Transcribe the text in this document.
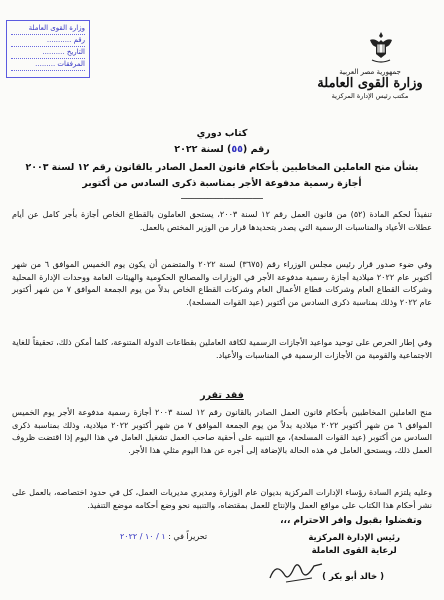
وزارة القوى العاملة
رقم ...........
التاريخ ..........
المرفقات .........
جمهورية مصر العربية
وزارة القوى العاملة
مكتب رئيس الإدارة المركزية
كتاب دوري
رقم (٥٥) لسنة ٢٠٢٢
بشأن منح العاملين المخاطبين بأحكام قانون العمل الصادر بالقانون رقم ١٢ لسنة ٢٠٠٣
أجازة رسمية مدفوعة الأجر بمناسبة ذكرى السادس من أكتوبر
ـــــــــــــــــــــــــــــــ
تنفيذاً لحكم المادة (٥٢) من قانون العمل رقم ١٢ لسنة ٢٠٠٣، يستحق العاملون بالقطاع الخاص أجازة بأجر كامل عن أيام عطلات الأعياد والمناسبات الرسمية التي يصدر بتحديدها قرار من الوزير المختص بالعمل.
وفي ضوء صدور قرار رئيس مجلس الوزراء رقم (٣٦٧٥) لسنة ٢٠٢٢ والمتضمن أن يكون يوم الخميس الموافق ٦ من شهر أكتوبر عام ٢٠٢٢ ميلادية أجازة رسمية مدفوعة الأجر في الوزارات والمصالح الحكومية والهيئات العامة ووحدات الإدارة المحلية وشركات القطاع العام وشركات قطاع الأعمال العام وشركات القطاع الخاص بدلاً من يوم الجمعة الموافق ٧ من شهر أكتوبر عام ٢٠٢٢ وذلك بمناسبة ذكرى السادس من أكتوبر (عيد القوات المسلحة).
وفي إطار الحرص على توحيد مواعيد الأجازات الرسمية لكافة العاملين بقطاعات الدولة المتنوعة، كلما أمكن ذلك، تحقيقاً للغاية الاجتماعية والقومية من الأجازات الرسمية في المناسبات والأعياد.
فقد تقرر
منح العاملين المخاطبين بأحكام قانون العمل الصادر بالقانون رقم ١٢ لسنة ٢٠٠٣ أجازة رسمية مدفوعة الأجر يوم الخميس الموافق ٦ من شهر أكتوبر ٢٠٢٢ ميلادية بدلاً من يوم الجمعة الموافق ٧ من شهر أكتوبر ٢٠٢٢ ميلادية، وذلك بمناسبة ذكرى السادس من أكتوبر (عيد القوات المسلحة)، مع التنبيه على أحقية صاحب العمل تشغيل العامل في هذا اليوم إذا اقتضت ظروف العمل ذلك، ويستحق العامل في هذه الحالة بالإضافة إلى أجره عن هذا اليوم مثلي هذا الأجر.
وعليه يلتزم السادة رؤساء الإدارات المركزية بديوان عام الوزارة ومديري مديريات العمل، كل في حدود اختصاصه، بالعمل على نشر أحكام هذا الكتاب على مواقع العمل والإنتاج للعمل بمقتضاه، والتنبيه نحو وضع أحكامه موضع التنفيذ.
وتفضلوا بقبول وافر الاحترام ،،،
رئيس الإدارة المركزية
لرعاية القوى العاملة
( خالد أبو بكر )
تحريراً في : ١ / ١٠ / ٢٠٢٢
